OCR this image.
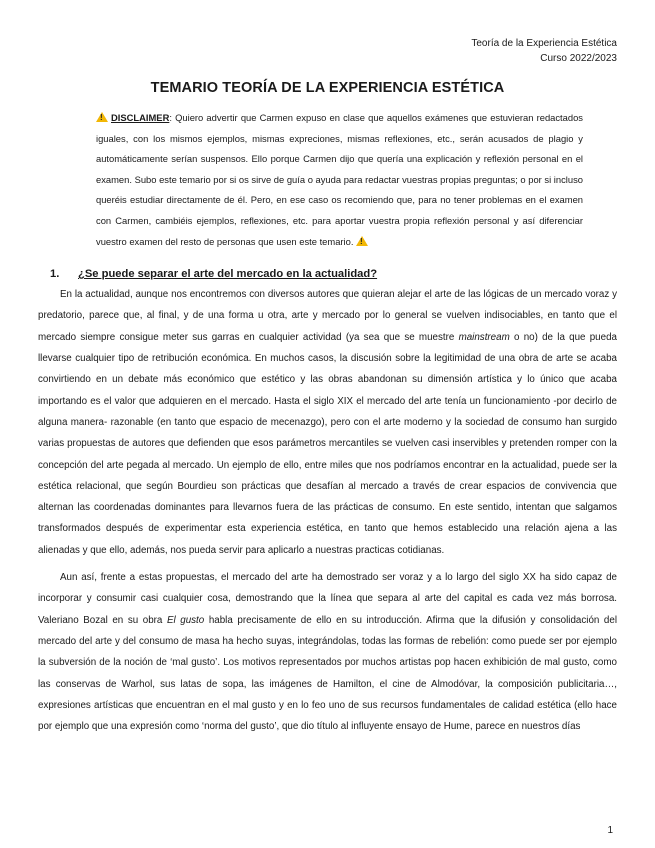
Teoría de la Experiencia Estética
Curso 2022/2023
TEMARIO TEORÍA DE LA EXPERIENCIA ESTÉTICA
!DISCLAIMER: Quiero advertir que Carmen expuso en clase que aquellos exámenes que estuvieran redactados iguales, con los mismos ejemplos, mismas expreciones, mismas reflexiones, etc., serán acusados de plagio y automáticamente serían suspensos. Ello porque Carmen dijo que quería una explicación y reflexión personal en el examen. Subo este temario por si os sirve de guía o ayuda para redactar vuestras propias preguntas; o por si incluso queréis estudiar directamente de él. Pero, en ese caso os recomiendo que, para no tener problemas en el examen con Carmen, cambiéis ejemplos, reflexiones, etc. para aportar vuestra propia reflexión personal y así diferenciar vuestro examen del resto de personas que usen este temario. !
1. ¿Se puede separar el arte del mercado en la actualidad?

En la actualidad, aunque nos encontremos con diversos autores que quieran alejar el arte de las lógicas de un mercado voraz y predatorio, parece que, al final, y de una forma u otra, arte y mercado por lo general se vuelven indisociables, en tanto que el mercado siempre consigue meter sus garras en cualquier actividad (ya sea que se muestre mainstream o no) de la que pueda llevarse cualquier tipo de retribución económica. En muchos casos, la discusión sobre la legitimidad de una obra de arte se acaba convirtiendo en un debate más económico que estético y las obras abandonan su dimensión artística y lo único que acaba importando es el valor que adquieren en el mercado. Hasta el siglo XIX el mercado del arte tenía un funcionamiento -por decirlo de alguna manera- razonable (en tanto que espacio de mecenazgo), pero con el arte moderno y la sociedad de consumo han surgido varias propuestas de autores que defienden que esos parámetros mercantiles se vuelven casi inservibles y pretenden romper con la concepción del arte pegada al mercado. Un ejemplo de ello, entre miles que nos podríamos encontrar en la actualidad, puede ser la estética relacional, que según Bourdieu son prácticas que desafían al mercado a través de crear espacios de convivencia que alternan las coordenadas dominantes para llevarnos fuera de las prácticas de consumo. En este sentido, intentan que salgamos transformados después de experimentar esta experiencia estética, en tanto que hemos establecido una relación ajena a las alienadas y que ello, además, nos pueda servir para aplicarlo a nuestras practicas cotidianas.

Aun así, frente a estas propuestas, el mercado del arte ha demostrado ser voraz y a lo largo del siglo XX ha sido capaz de incorporar y consumir casi cualquier cosa, demostrando que la línea que separa al arte del capital es cada vez más borrosa. Valeriano Bozal en su obra El gusto habla precisamente de ello en su introducción. Afirma que la difusión y consolidación del mercado del arte y del consumo de masa ha hecho suyas, integrándolas, todas las formas de rebelión: como puede ser por ejemplo la subversión de la noción de ‘mal gusto’. Los motivos representados por muchos artistas pop hacen exhibición de mal gusto, como las conservas de Warhol, sus latas de sopa, las imágenes de Hamilton, el cine de Almodóvar, la composición publicitaria…, expresiones artísticas que encuentran en el mal gusto y en lo feo uno de sus recursos fundamentales de calidad estética (ello hace por ejemplo que una expresión como ‘norma del gusto’, que dio título al influyente ensayo de Hume, parece en nuestros días

1
